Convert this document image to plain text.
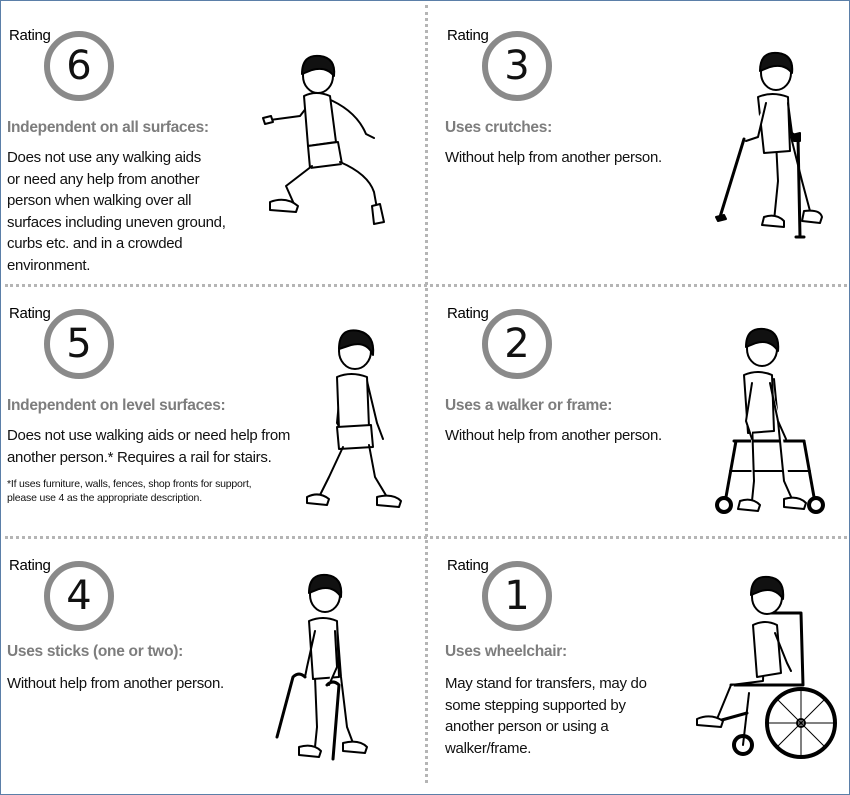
Rating
6
Independent on all surfaces:
Does not use any walking aids
or need any help from another
person when walking over all
surfaces including uneven ground,
curbs etc. and in a crowded
environment.
Rating
3
Uses crutches:
Without help from another person.
Rating
5
Independent on level surfaces:
Does not use walking aids or need help from
another person.* Requires a rail for stairs.
*If uses furniture, walls, fences, shop fronts for support,
please use 4 as the appropriate description.
Rating
2
Uses a walker or frame:
Without help from another person.
Rating
4
Uses sticks (one or two):
Without help from another person.
Rating
1
Uses wheelchair:
May stand for transfers, may do
some stepping supported by
another person or using a
walker/frame.
